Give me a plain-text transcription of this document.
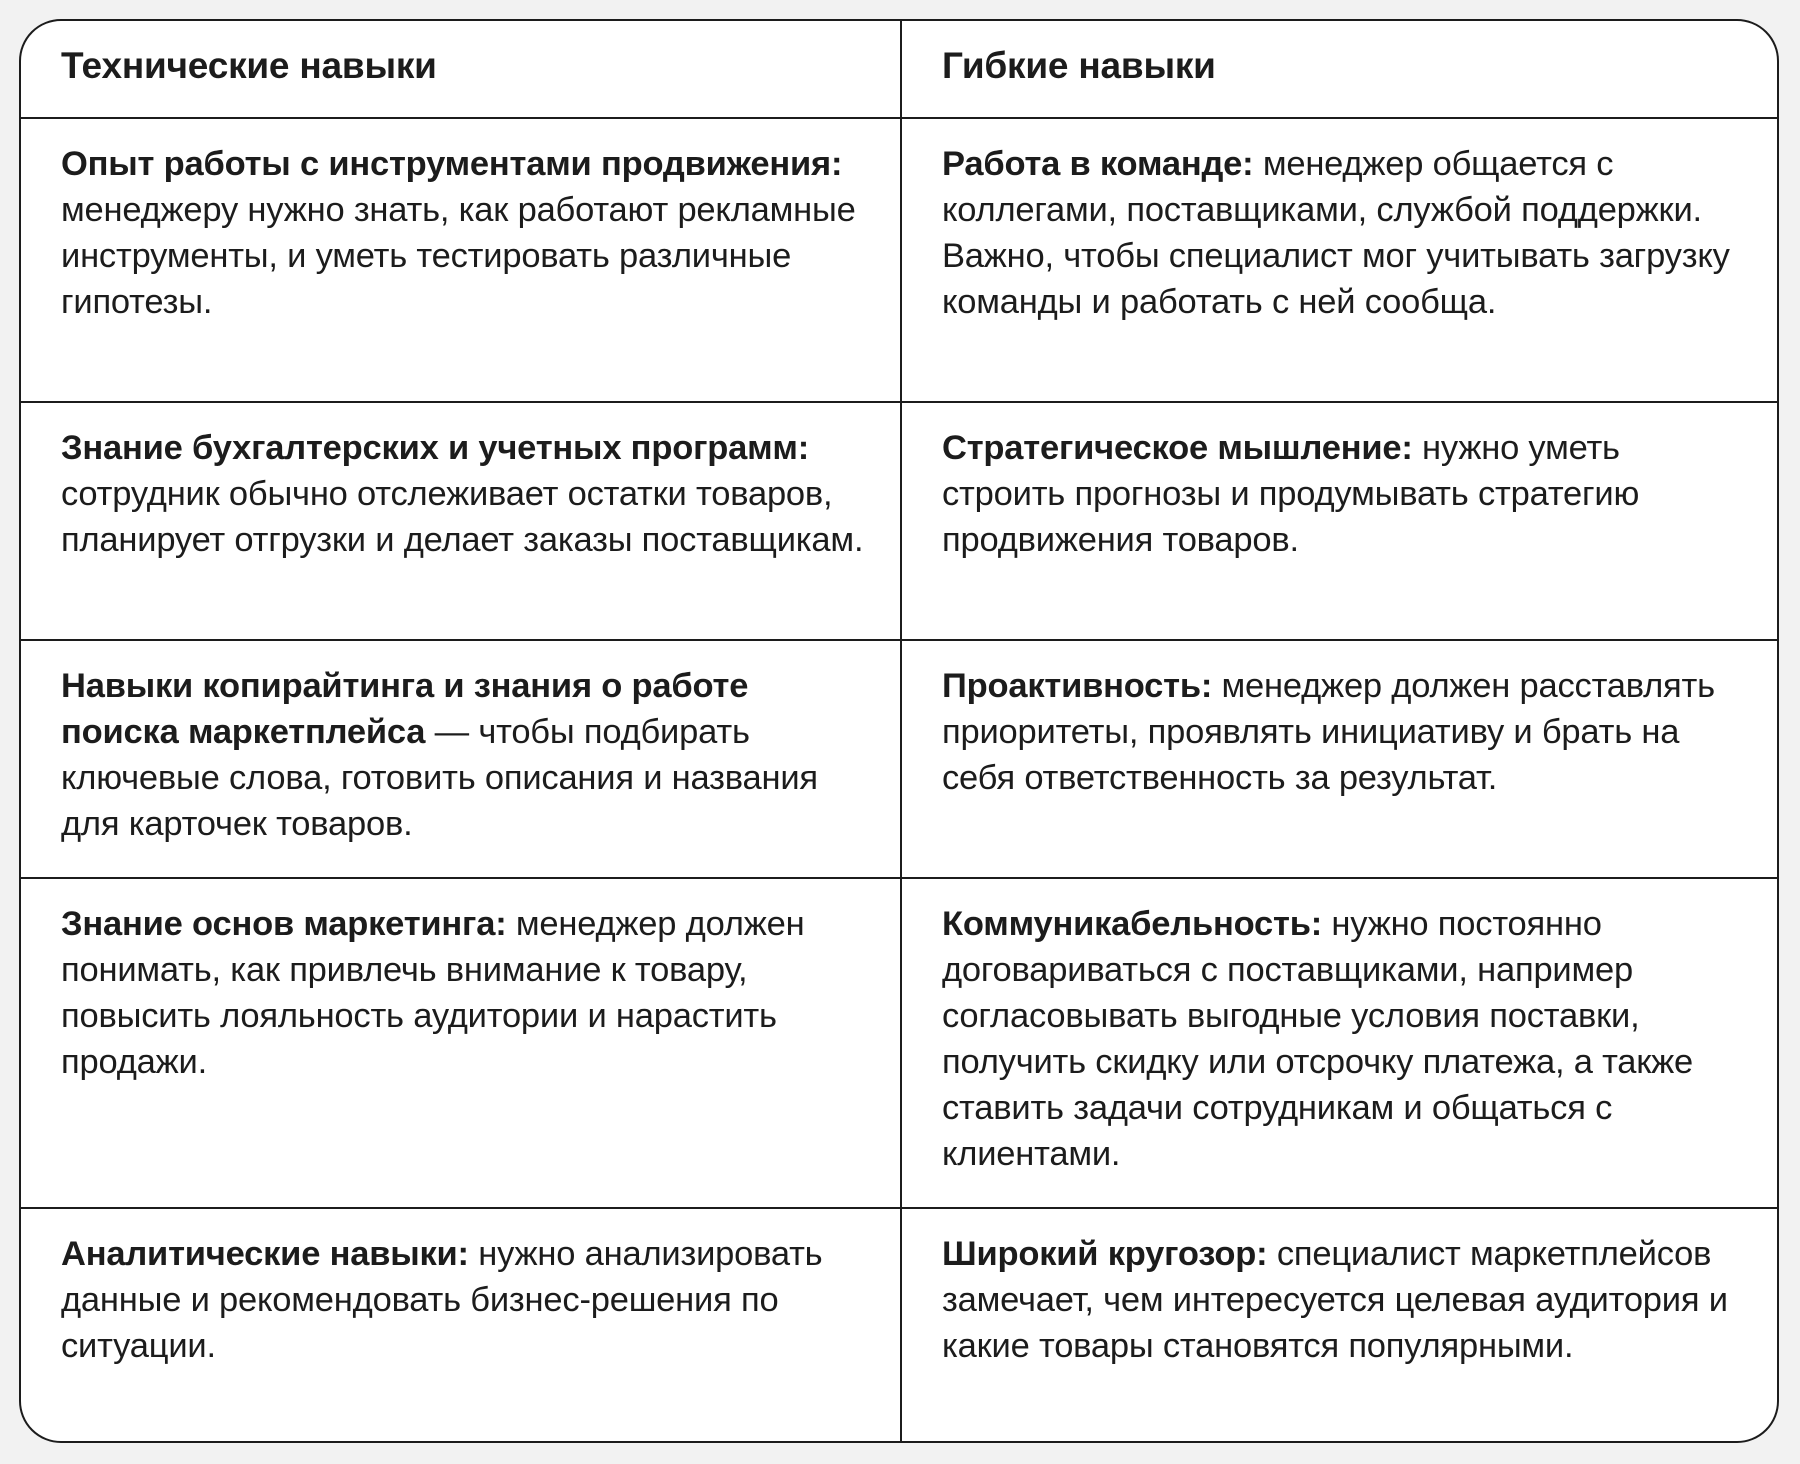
Технические навыки	Гибкие навыки
Опыт работы с инструментами продвижения: менеджеру нужно знать, как работают рекламные инструменты, и уметь тестировать различные гипотезы.	Работа в команде: менеджер общается с коллегами, поставщиками, службой поддержки. Важно, чтобы специалист мог учитывать загрузку команды и работать с ней сообща.
Знание бухгалтерских и учетных программ: сотрудник обычно отслеживает остатки товаров, планирует отгрузки и делает заказы поставщикам.	Стратегическое мышление: нужно уметь строить прогнозы и продумывать стратегию продвижения товаров.
Навыки копирайтинга и знания о работе поиска маркетплейса — чтобы подбирать ключевые слова, готовить описания и названия для карточек товаров.	Проактивность: менеджер должен расставлять приоритеты, проявлять инициативу и брать на себя ответственность за результат.
Знание основ маркетинга: менеджер должен понимать, как привлечь внимание к товару, повысить лояльность аудитории и нарастить продажи.	Коммуникабельность: нужно постоянно договариваться с поставщиками, например согласовывать выгодные условия поставки, получить скидку или отсрочку платежа, а также ставить задачи сотрудникам и общаться с клиентами.
Аналитические навыки: нужно анализировать данные и рекомендовать бизнес-решения по ситуации.	Широкий кругозор: специалист маркетплейсов замечает, чем интересуется целевая аудитория и какие товары становятся популярными.
